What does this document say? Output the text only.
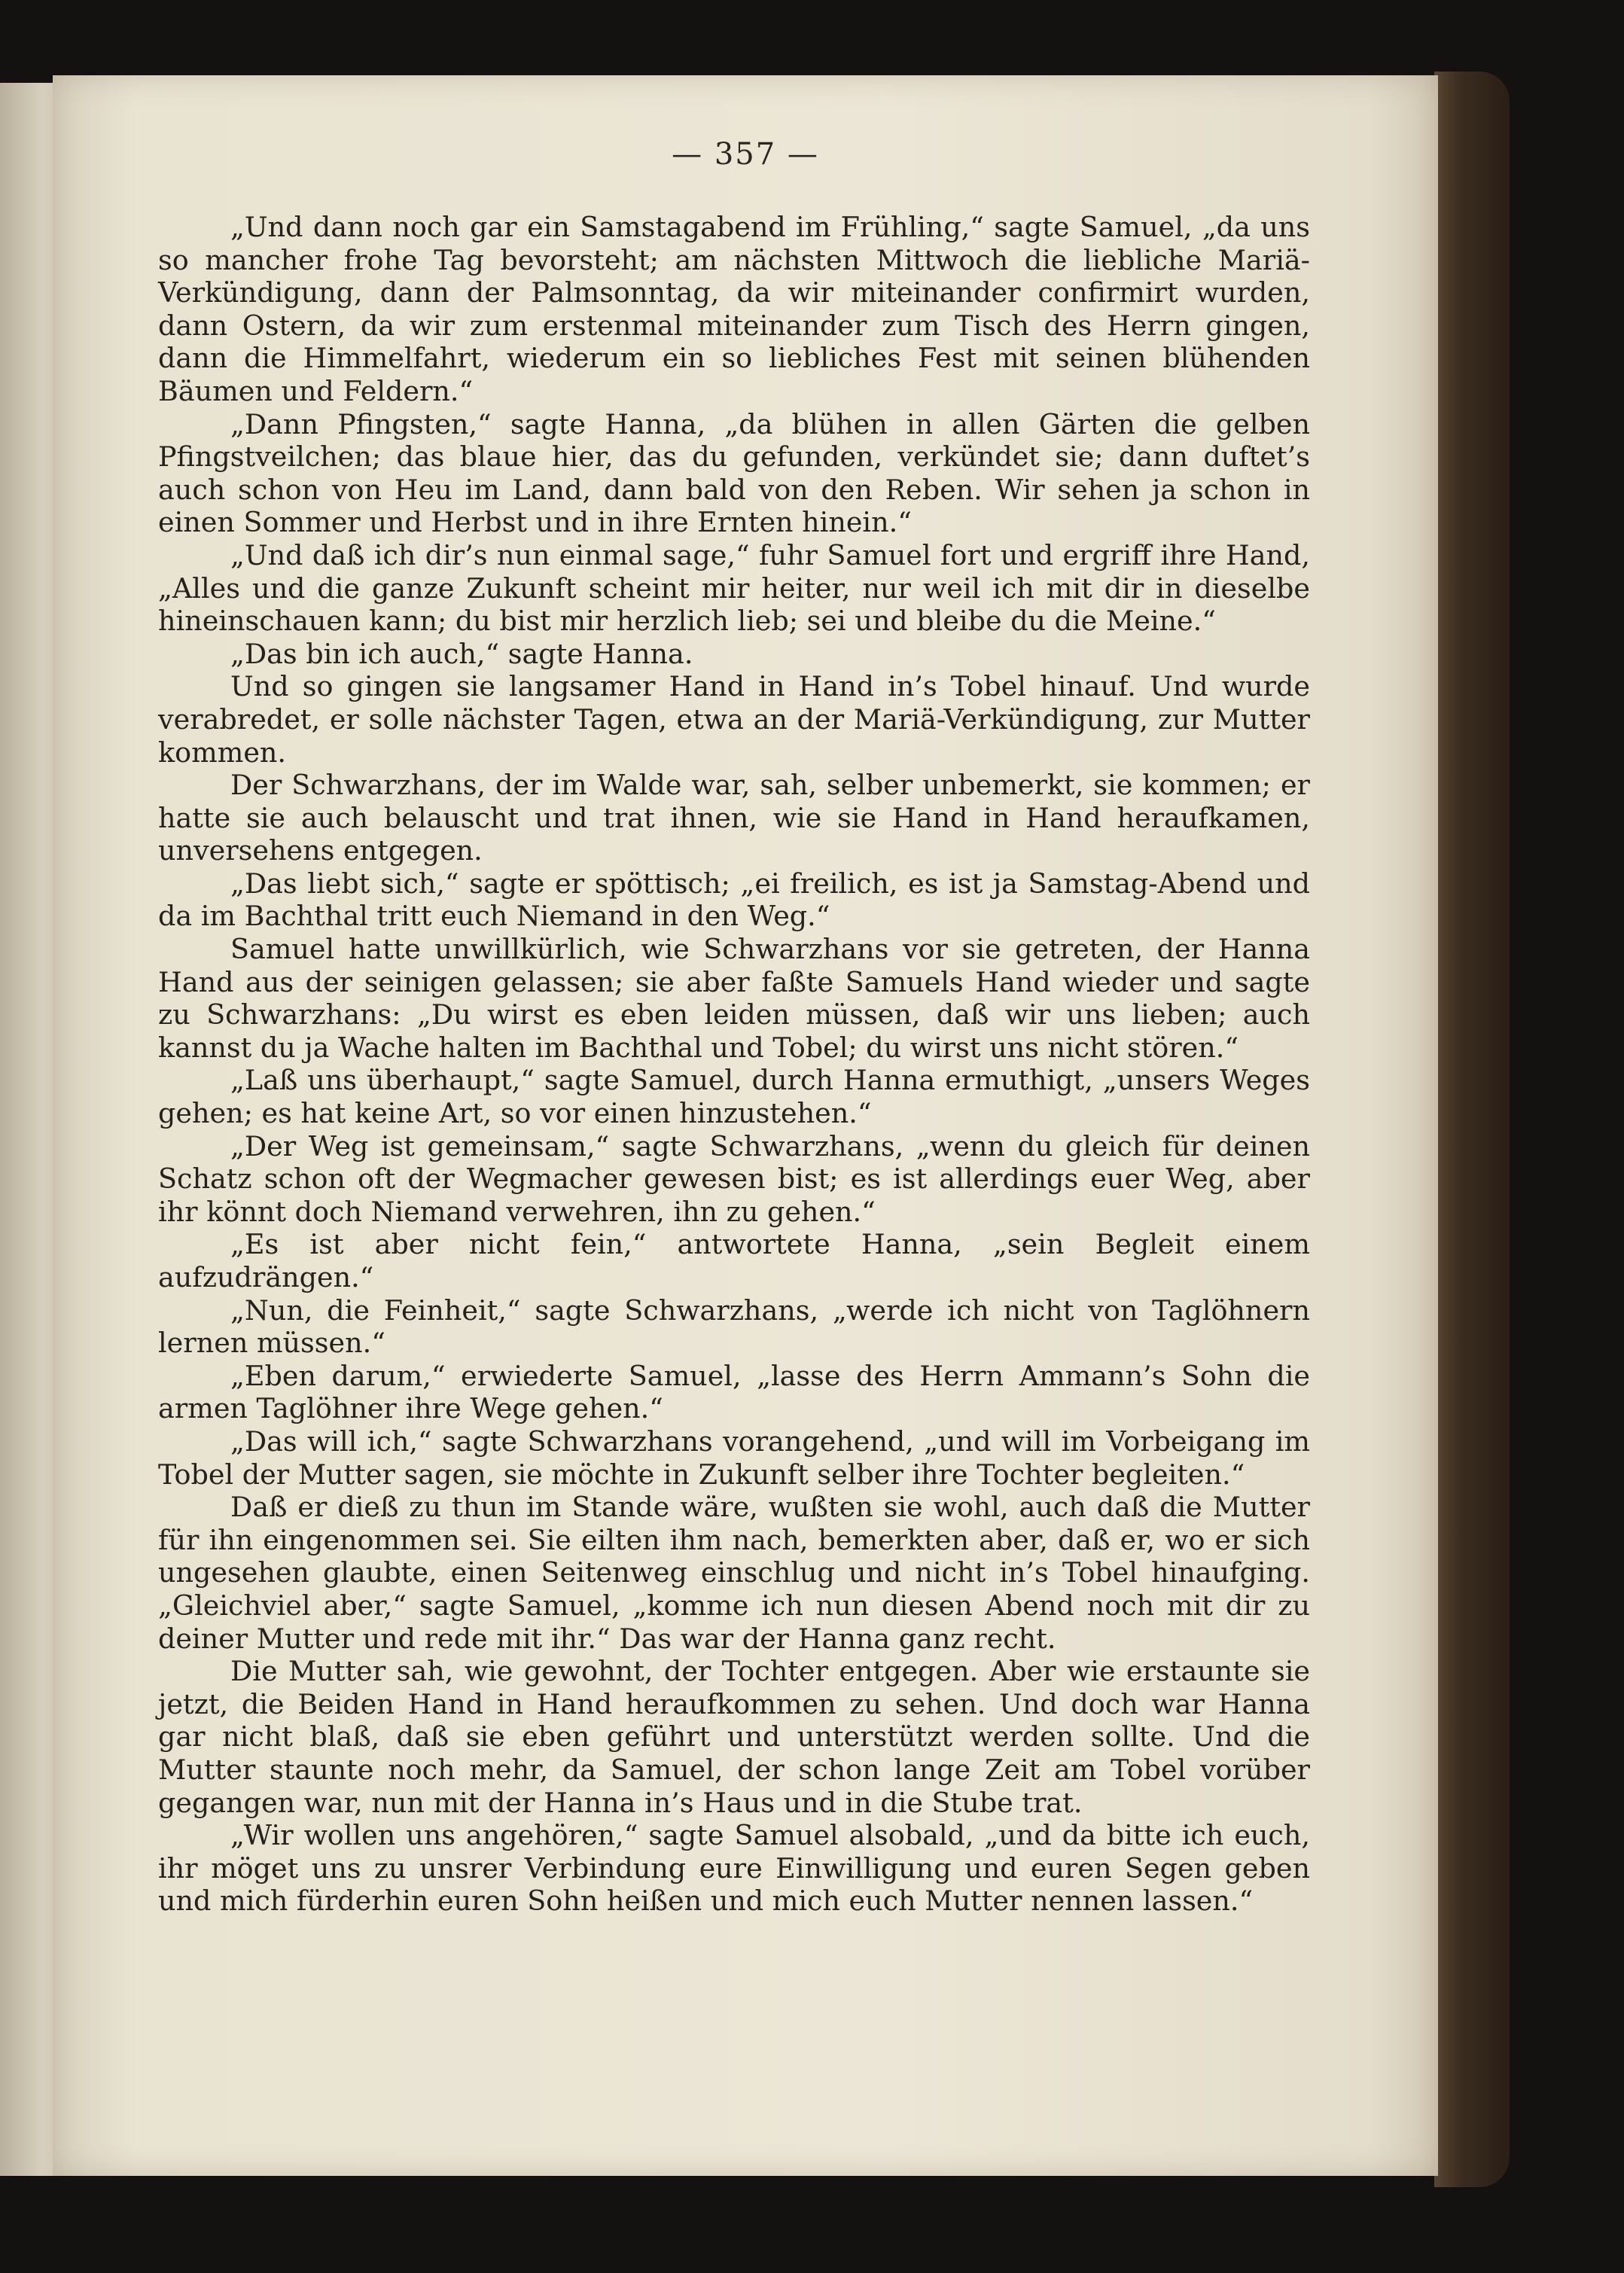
— 357 —

„Und dann noch gar ein Samstagabend im Frühling,“ sagte Samuel, „da uns so mancher frohe Tag bevorsteht; am nächsten Mittwoch die liebliche Mariä-Verkündigung, dann der Palmsonntag, da wir miteinander confirmirt wurden, dann Ostern, da wir zum erstenmal miteinander zum Tisch des Herrn gingen, dann die Himmelfahrt, wiederum ein so liebliches Fest mit seinen blühenden Bäumen und Feldern.“

„Dann Pfingsten,“ sagte Hanna, „da blühen in allen Gärten die gelben Pfingstveilchen; das blaue hier, das du gefunden, verkündet sie; dann duftet’s auch schon von Heu im Land, dann bald von den Reben. Wir sehen ja schon in einen Sommer und Herbst und in ihre Ernten hinein.“

„Und daß ich dir’s nun einmal sage,“ fuhr Samuel fort und ergriff ihre Hand, „Alles und die ganze Zukunft scheint mir heiter, nur weil ich mit dir in dieselbe hineinschauen kann; du bist mir herzlich lieb; sei und bleibe du die Meine.“

„Das bin ich auch,“ sagte Hanna.

Und so gingen sie langsamer Hand in Hand in’s Tobel hinauf. Und wurde verabredet, er solle nächster Tagen, etwa an der Mariä-Verkündigung, zur Mutter kommen.

Der Schwarzhans, der im Walde war, sah, selber unbemerkt, sie kommen; er hatte sie auch belauscht und trat ihnen, wie sie Hand in Hand heraufkamen, unversehens entgegen.

„Das liebt sich,“ sagte er spöttisch; „ei freilich, es ist ja Samstag-Abend und da im Bachthal tritt euch Niemand in den Weg.“

Samuel hatte unwillkürlich, wie Schwarzhans vor sie getreten, der Hanna Hand aus der seinigen gelassen; sie aber faßte Samuels Hand wieder und sagte zu Schwarzhans: „Du wirst es eben leiden müssen, daß wir uns lieben; auch kannst du ja Wache halten im Bachthal und Tobel; du wirst uns nicht stören.“

„Laß uns überhaupt,“ sagte Samuel, durch Hanna ermuthigt, „unsers Weges gehen; es hat keine Art, so vor einen hinzustehen.“

„Der Weg ist gemeinsam,“ sagte Schwarzhans, „wenn du gleich für deinen Schatz schon oft der Wegmacher gewesen bist; es ist allerdings euer Weg, aber ihr könnt doch Niemand verwehren, ihn zu gehen.“

„Es ist aber nicht fein,“ antwortete Hanna, „sein Begleit einem aufzudrängen.“

„Nun, die Feinheit,“ sagte Schwarzhans, „werde ich nicht von Taglöhnern lernen müssen.“

„Eben darum,“ erwiederte Samuel, „lasse des Herrn Ammann’s Sohn die armen Taglöhner ihre Wege gehen.“

„Das will ich,“ sagte Schwarzhans vorangehend, „und will im Vorbeigang im Tobel der Mutter sagen, sie möchte in Zukunft selber ihre Tochter begleiten.“

Daß er dieß zu thun im Stande wäre, wußten sie wohl, auch daß die Mutter für ihn eingenommen sei. Sie eilten ihm nach, bemerkten aber, daß er, wo er sich ungesehen glaubte, einen Seitenweg einschlug und nicht in’s Tobel hinaufging. „Gleichviel aber,“ sagte Samuel, „komme ich nun diesen Abend noch mit dir zu deiner Mutter und rede mit ihr.“ Das war der Hanna ganz recht.

Die Mutter sah, wie gewohnt, der Tochter entgegen. Aber wie erstaunte sie jetzt, die Beiden Hand in Hand heraufkommen zu sehen. Und doch war Hanna gar nicht blaß, daß sie eben geführt und unterstützt werden sollte. Und die Mutter staunte noch mehr, da Samuel, der schon lange Zeit am Tobel vorüber gegangen war, nun mit der Hanna in’s Haus und in die Stube trat.

„Wir wollen uns angehören,“ sagte Samuel alsobald, „und da bitte ich euch, ihr möget uns zu unsrer Verbindung eure Einwilligung und euren Segen geben und mich fürderhin euren Sohn heißen und mich euch Mutter nennen lassen.“
